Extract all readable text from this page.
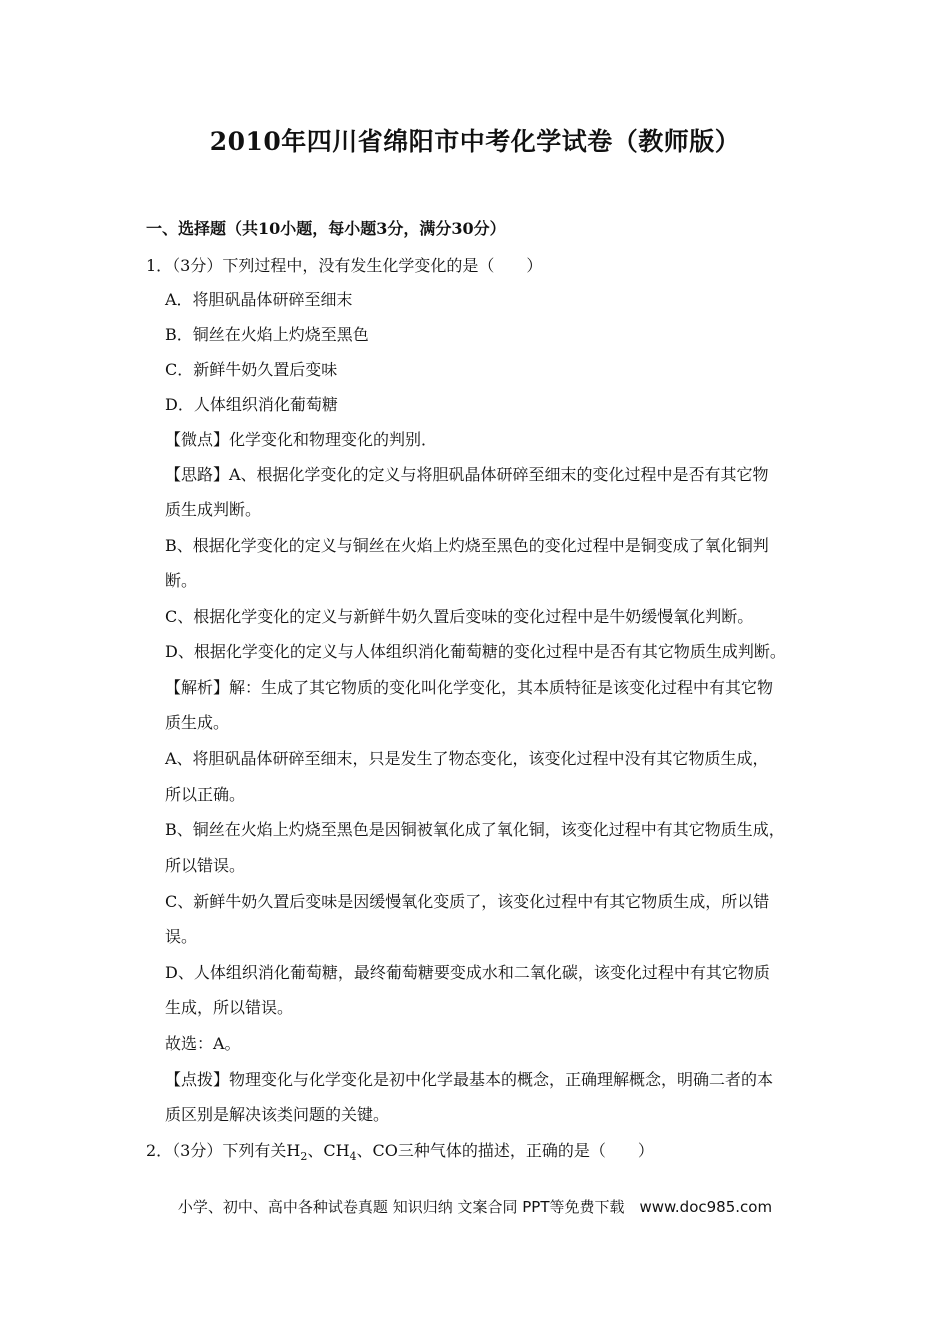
2010年四川省绵阳市中考化学试卷（教师版）
一、选择题（共10小题，每小题3分，满分30分）
1．（3分）下列过程中，没有发生化学变化的是（　　）
A．将胆矾晶体研碎至细末
B．铜丝在火焰上灼烧至黑色
C．新鲜牛奶久置后变味
D．人体组织消化葡萄糖
【微点】化学变化和物理变化的判别．
【思路】A、根据化学变化的定义与将胆矾晶体研碎至细末的变化过程中是否有其它物
质生成判断。
B、根据化学变化的定义与铜丝在火焰上灼烧至黑色的变化过程中是铜变成了氧化铜判
断。
C、根据化学变化的定义与新鲜牛奶久置后变味的变化过程中是牛奶缓慢氧化判断。
D、根据化学变化的定义与人体组织消化葡萄糖的变化过程中是否有其它物质生成判断。
【解析】解：生成了其它物质的变化叫化学变化，其本质特征是该变化过程中有其它物
质生成。
A、将胆矾晶体研碎至细末，只是发生了物态变化，该变化过程中没有其它物质生成，
所以正确。
B、铜丝在火焰上灼烧至黑色是因铜被氧化成了氧化铜，该变化过程中有其它物质生成，
所以错误。
C、新鲜牛奶久置后变味是因缓慢氧化变质了，该变化过程中有其它物质生成，所以错
误。
D、人体组织消化葡萄糖，最终葡萄糖要变成水和二氧化碳，该变化过程中有其它物质
生成，所以错误。
故选：A。
【点拨】物理变化与化学变化是初中化学最基本的概念，正确理解概念，明确二者的本
质区别是解决该类问题的关键。
2．（3分）下列有关$H_2$、$CH_4$、CO三种气体的描述，正确的是（　　）
小学、初中、高中各种试卷真题 知识归纳 文案合同 PPT等免费下载　www.doc985.com
